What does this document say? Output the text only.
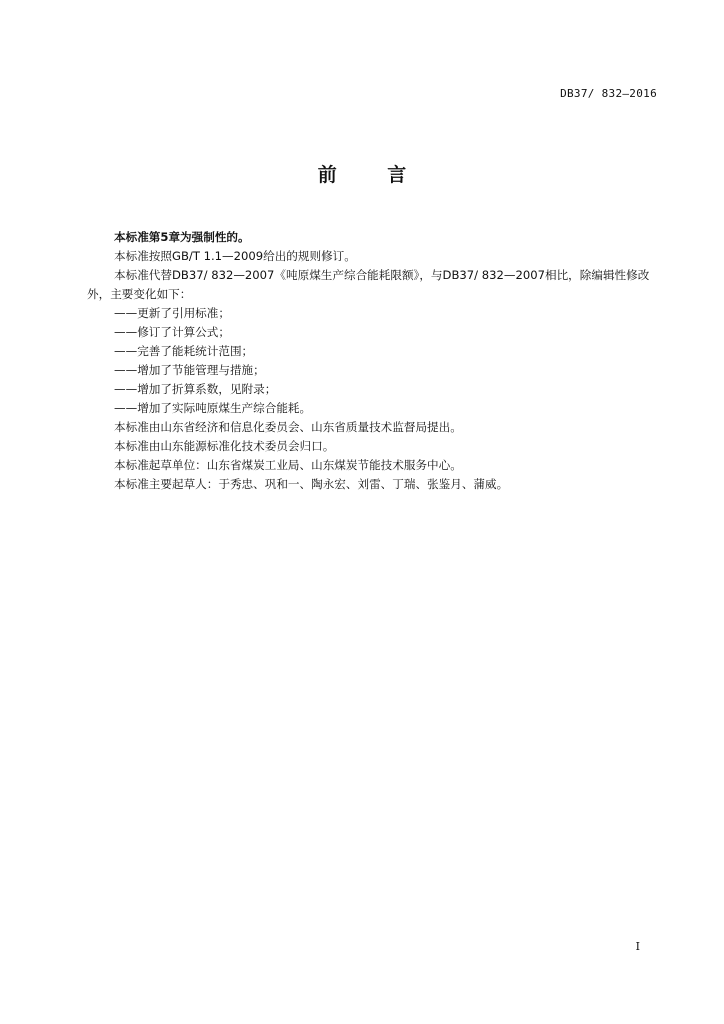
DB37/ 832—2016
前 言

本标准第5章为强制性的。

本标准按照GB/T 1.1—2009给出的规则修订。

本标准代替DB37/ 832—2007《吨原煤生产综合能耗限额》，与DB37/ 832—2007相比，除编辑性修改外，主要变化如下：

——更新了引用标准；

——修订了计算公式；

——完善了能耗统计范围；

——增加了节能管理与措施；

——增加了折算系数，见附录；

——增加了实际吨原煤生产综合能耗。

本标准由山东省经济和信息化委员会、山东省质量技术监督局提出。

本标准由山东能源标准化技术委员会归口。

本标准起草单位：山东省煤炭工业局、山东煤炭节能技术服务中心。

本标准主要起草人：于秀忠、巩和一、陶永宏、刘雷、丁瑞、张鉴月、蒲威。

I
